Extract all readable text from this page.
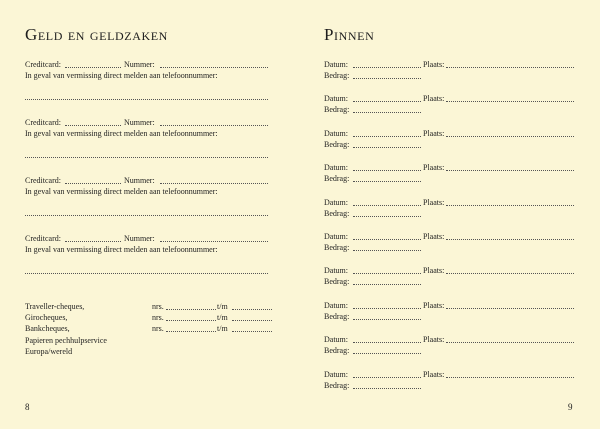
Geld en geldzaken
Creditcard:	Nummer:
In geval van vermissing direct melden aan telefoonnummer:
Creditcard:	Nummer:
In geval van vermissing direct melden aan telefoonnummer:
Creditcard:	Nummer:
In geval van vermissing direct melden aan telefoonnummer:
Creditcard:	Nummer:
In geval van vermissing direct melden aan telefoonnummer:
Traveller-cheques,	nrs.	t/m
Girocheques,	nrs.	t/m
Bankcheques,	nrs.	t/m
Papieren pechhulpservice
Europa/wereld
8
Pinnen
Datum:	Plaats:
Bedrag:
Datum:	Plaats:
Bedrag:
Datum:	Plaats:
Bedrag:
Datum:	Plaats:
Bedrag:
Datum:	Plaats:
Bedrag:
Datum:	Plaats:
Bedrag:
Datum:	Plaats:
Bedrag:
Datum:	Plaats:
Bedrag:
Datum:	Plaats:
Bedrag:
Datum:	Plaats:
Bedrag:
9
